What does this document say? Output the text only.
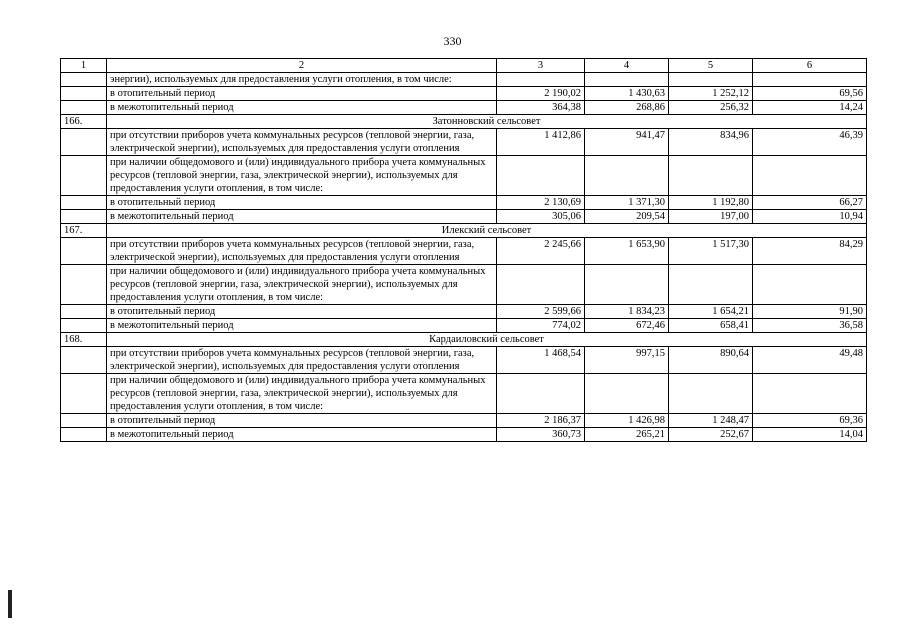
330
1	2	3	4	5	6
	энергии), используемых для предоставления услуги отопления, в том числе:				
	в отопительный период	2 190,02	1 430,63	1 252,12	69,56
	в межотопительный период	364,38	268,86	256,32	14,24
166.	Затонновский сельсовет				
	при отсутствии приборов учета коммунальных ресурсов (тепловой энергии, газа, электрической энергии), используемых для предоставления услуги отопления	1 412,86	941,47	834,96	46,39
	при наличии общедомового и (или) индивидуального прибора учета коммунальных ресурсов (тепловой энергии, газа, электрической энергии), используемых для предоставления услуги отопления, в том числе:				
	в отопительный период	2 130,69	1 371,30	1 192,80	66,27
	в межотопительный период	305,06	209,54	197,00	10,94
167.	Илекский сельсовет				
	при отсутствии приборов учета коммунальных ресурсов (тепловой энергии, газа, электрической энергии), используемых для предоставления услуги отопления	2 245,66	1 653,90	1 517,30	84,29
	при наличии общедомового и (или) индивидуального прибора учета коммунальных ресурсов (тепловой энергии, газа, электрической энергии), используемых для предоставления услуги отопления, в том числе:				
	в отопительный период	2 599,66	1 834,23	1 654,21	91,90
	в межотопительный период	774,02	672,46	658,41	36,58
168.	Кардаиловский сельсовет				
	при отсутствии приборов учета коммунальных ресурсов (тепловой энергии, газа, электрической энергии), используемых для предоставления услуги отопления	1 468,54	997,15	890,64	49,48
	при наличии общедомового и (или) индивидуального прибора учета коммунальных ресурсов (тепловой энергии, газа, электрической энергии), используемых для предоставления услуги отопления, в том числе:				
	в отопительный период	2 186,37	1 426,98	1 248,47	69,36
	в межотопительный период	360,73	265,21	252,67	14,04
